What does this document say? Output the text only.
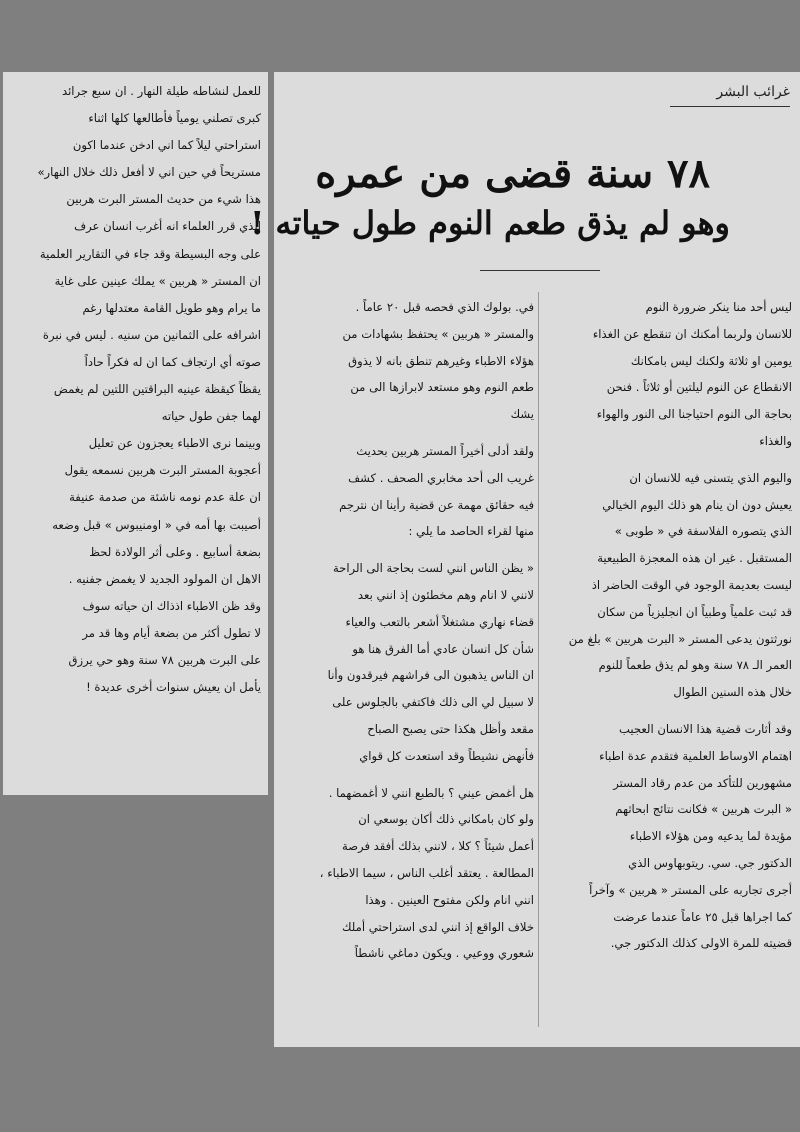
للعمل لنشاطه طيلة النهار . ان سبع جرائد
كبرى تصلني يومياً فأطالعها كلها اثناء
استراحتي ليلاً كما اني ادخن عندما اكون
مستريحاً في حين اني لا أفعل ذلك خلال النهار»
هذا شيء من حديث المستر البرت هربين
الذي قرر العلماء انه أغرب انسان عرف
على وجه البسيطة وقد جاء في التقارير العلمية
ان المستر « هربين » يملك عينين على غاية
ما يرام وهو طويل القامة معتدلها رغم
اشرافه على الثمانين من سنيه . ليس في نبرة
صوته أي ارتجاف كما ان له فكراً حاداً
يقظاً كيقظة عينيه البراقتين اللتين لم يغمض
لهما جفن طول حياته
وبينما نرى الاطباء يعجزون عن تعليل
أعجوبة المستر البرت هربين نسمعه يقول
ان علة عدم نومه ناشئة من صدمة عنيفة
أصيبت بها أمه في « اومنيبوس » قبل وضعه
بضعة أسابيع . وعلى أثر الولادة لحظ
الاهل ان المولود الجديد لا يغمض جفنيه .
وقد ظن الاطباء اذذاك ان حياته سوف
لا تطول أكثر من بضعة أيام وها قد مر
على البرت هربين ٧٨ سنة وهو حي يرزق
يأمل ان يعيش سنوات أخرى عديدة !
غرائب البشر
٧٨ سنة قضى من عمره
وهو لم يذق طعم النوم طول حياته !

ليس أحد منا ينكر ضرورة النوم
للانسان ولربما أمكنك ان تنقطع عن الغذاء
يومين او ثلاثة ولكنك ليس بامكانك
الانقطاع عن النوم ليلتين أو ثلاثاً . فنحن
بحاجة الى النوم احتياجنا الى النور والهواء
والغذاء

واليوم الذي يتسنى فيه للانسان ان
يعيش دون ان ينام هو ذلك اليوم الخيالي
الذي يتصوره الفلاسفة في « طوبى »
المستقبل . غير ان هذه المعجزة الطبيعية
ليست بعديمة الوجود في الوقت الحاضر اذ
قد ثبت علمياً وطبياً ان انجليزياً من سكان
نورثتون يدعى المستر « البرت هربين » بلغ من
العمر الـ ٧٨ سنة وهو لم يذق طعماً للنوم
خلال هذه السنين الطوال

وقد أثارت قضية هذا الانسان العجيب
اهتمام الاوساط العلمية فتقدم عدة اطباء
مشهورين للتأكد من عدم رقاد المستر
« البرت هربين » فكانت نتائج ابحاثهم
مؤيدة لما يدعيه ومن هؤلاء الاطباء
الدكتور جي. سي. ريتوبهاوس الذي
أجرى تجاربه على المستر « هربين » وآخراً
كما اجراها قبل ٢٥ عاماً عندما عرضت
قضيته للمرة الاولى كذلك الدكتور جي.

في. بولوك الذي فحصه قبل ٢٠ عاماً .
والمستر « هربين » يحتفظ بشهادات من
هؤلاء الاطباء وغيرهم تنطق بانه لا يذوق
طعم النوم وهو مستعد لابرازها الى من
يشك

ولقد أدلى أخيراً المستر هربين بحديث
غريب الى أحد مخابري الصحف . كشف
فيه حقائق مهمة عن قضية رأينا ان نترجم
منها لقراء الحاصد ما يلي :

« يظن الناس انني لست بحاجة الى الراحة
لانني لا انام وهم مخطئون إذ انني بعد
قضاء نهاري مشتغلاً أشعر بالتعب والعياء
شأن كل انسان عادي أما الفرق هنا هو
ان الناس يذهبون الى فراشهم فيرقدون وأنا
لا سبيل لي الى ذلك فاكتفي بالجلوس على
مقعد وأظل هكذا حتى يصبح الصباح
فأنهض نشيطاً وقد استعدت كل قواي

هل أغمض عيني ؟ بالطبع انني لا أغمضهما .
ولو كان بامكاني ذلك أكان بوسعي ان
أعمل شيئاً ؟ كلا ، لانني بذلك أفقد فرصة
المطالعة . يعتقد أغلب الناس ، سيما الاطباء ،
انني انام ولكن مفتوح العينين . وهذا
خلاف الواقع إذ انني لدى استراحتي أملك
شعوري ووعيي . ويكون دماغي ناشطاً
